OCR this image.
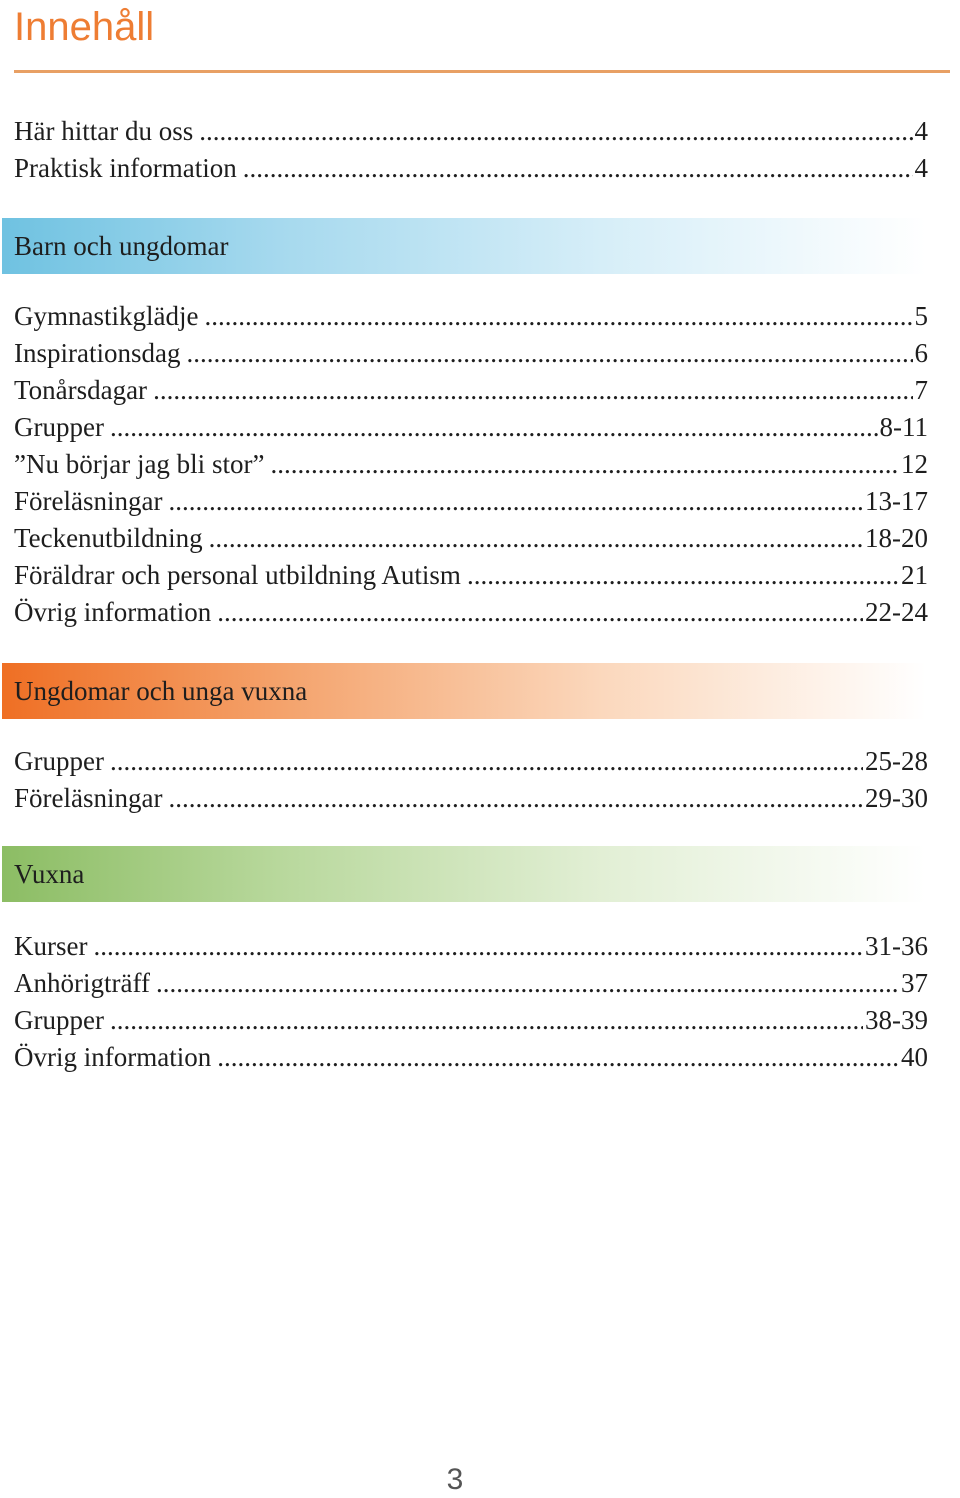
Innehåll
Här hittar du oss .....	4
Praktisk information .....	4
Barn och ungdomar
Gymnastikglädje .....	5
Inspirationsdag .....	6
Tonårsdagar .....	7
Grupper .....	8-11
”Nu börjar jag bli stor” .....	12
Föreläsningar .....	13-17
Teckenutbildning .....	18-20
Föräldrar och personal utbildning Autism .....	21
Övrig information .....	22-24
Ungdomar och unga vuxna
Grupper .....	25-28
Föreläsningar .....	29-30
Vuxna
Kurser .....	31-36
Anhörigträff .....	37
Grupper .....	38-39
Övrig information .....	40
3
